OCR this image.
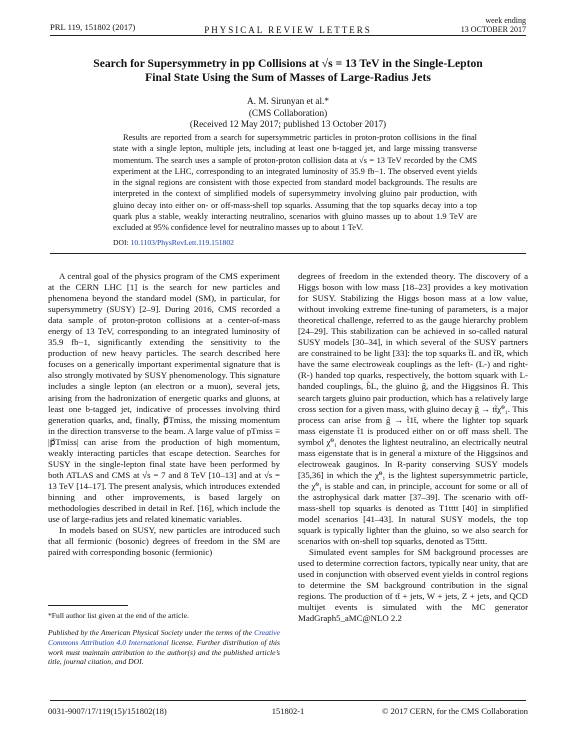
PRL 119, 151802 (2017)	PHYSICAL REVIEW LETTERS
week ending
13 OCTOBER 2017
Search for Supersymmetry in pp Collisions at √s = 13 TeV in the Single-Lepton
Final State Using the Sum of Masses of Large-Radius Jets
A. M. Sirunyan et al.*
(CMS Collaboration)
(Received 12 May 2017; published 13 October 2017)
Results are reported from a search for supersymmetric particles in proton-proton collisions in the final state with a single lepton, multiple jets, including at least one b-tagged jet, and large missing transverse momentum. The search uses a sample of proton-proton collision data at √s = 13 TeV recorded by the CMS experiment at the LHC, corresponding to an integrated luminosity of 35.9 fb−1. The observed event yields in the signal regions are consistent with those expected from standard model backgrounds. The results are interpreted in the context of simplified models of supersymmetry involving gluino pair production, with gluino decay into either on- or off-mass-shell top squarks. Assuming that the top squarks decay into a top quark plus a stable, weakly interacting neutralino, scenarios with gluino masses up to about 1.9 TeV are excluded at 95% confidence level for neutralino masses up to about 1 TeV.
DOI: 10.1103/PhysRevLett.119.151802

A central goal of the physics program of the CMS experiment at the CERN LHC [1] is the search for new particles and phenomena beyond the standard model (SM), in particular, for supersymmetry (SUSY) [2–9]. During 2016, CMS recorded a data sample of proton-proton collisions at a center-of-mass energy of 13 TeV, corresponding to an integrated luminosity of 35.9 fb−1, significantly extending the sensitivity to the production of new heavy particles. The search described here focuses on a generically important experimental signature that is also strongly motivated by SUSY phenomenology. This signature includes a single lepton (an electron or a muon), several jets, arising from the hadronization of energetic quarks and gluons, at least one b-tagged jet, indicative of processes involving third generation quarks, and, finally, p⃗Tmiss, the missing momentum in the direction transverse to the beam. A large value of pTmiss ≡ |p⃗Tmiss| can arise from the production of high momentum, weakly interacting particles that escape detection. Searches for SUSY in the single-lepton final state have been performed by both ATLAS and CMS at √s = 7 and 8 TeV [10–13] and at √s = 13 TeV [14–17]. The present analysis, which introduces extended binning and other improvements, is based largely on methodologies described in detail in Ref. [16], which include the use of large-radius jets and related kinematic variables.

In models based on SUSY, new particles are introduced such that all fermionic (bosonic) degrees of freedom in the SM are paired with corresponding bosonic (fermionic)

degrees of freedom in the extended theory. The discovery of a Higgs boson with low mass [18–23] provides a key motivation for SUSY. Stabilizing the Higgs boson mass at a low value, without invoking extreme fine-tuning of parameters, is a major theoretical challenge, referred to as the gauge hierarchy problem [24–29]. This stabilization can be achieved in so-called natural SUSY models [30–34], in which several of the SUSY partners are constrained to be light [33]: the top squarks t̃L and t̃R, which have the same electroweak couplings as the left- (L-) and right- (R-) handed top quarks, respectively, the bottom squark with L-handed couplings, b̃L, the gluino g̃, and the Higgsinos H̃. This search targets gluino pair production, which has a relatively large cross section for a given mass, with gluino decay g̃ → tt̃χ̃⁰₁. This process can arise from g̃ → t̃1t̄, where the lighter top squark mass eigenstate t̃1 is produced either on or off mass shell. The symbol χ̃⁰₁ denotes the lightest neutralino, an electrically neutral mass eigenstate that is in general a mixture of the Higgsinos and electroweak gauginos. In R-parity conserving SUSY models [35,36] in which the χ̃⁰₁ is the lightest supersymmetric particle, the χ̃⁰₁ is stable and can, in principle, account for some or all of the astrophysical dark matter [37–39]. The scenario with off-mass-shell top squarks is denoted as T1tttt [40] in simplified model scenarios [41–43]. In natural SUSY models, the top squark is typically lighter than the gluino, so we also search for scenarios with on-shell top squarks, denoted as T5tttt.

Simulated event samples for SM background processes are used to determine correction factors, typically near unity, that are used in conjunction with observed event yields in control regions to determine the SM background contribution in the signal regions. The production of tt̄ + jets, W + jets, Z + jets, and QCD multijet events is simulated with the MC generator MadGraph5_aMC@NLO 2.2

*Full author list given at the end of the article.
Published by the American Physical Society under the terms of the Creative Commons Attribution 4.0 International license. Further distribution of this work must maintain attribution to the author(s) and the published article’s title, journal citation, and DOI.
0031-9007/17/119(15)/151802(18)	151802-1	© 2017 CERN, for the CMS Collaboration
